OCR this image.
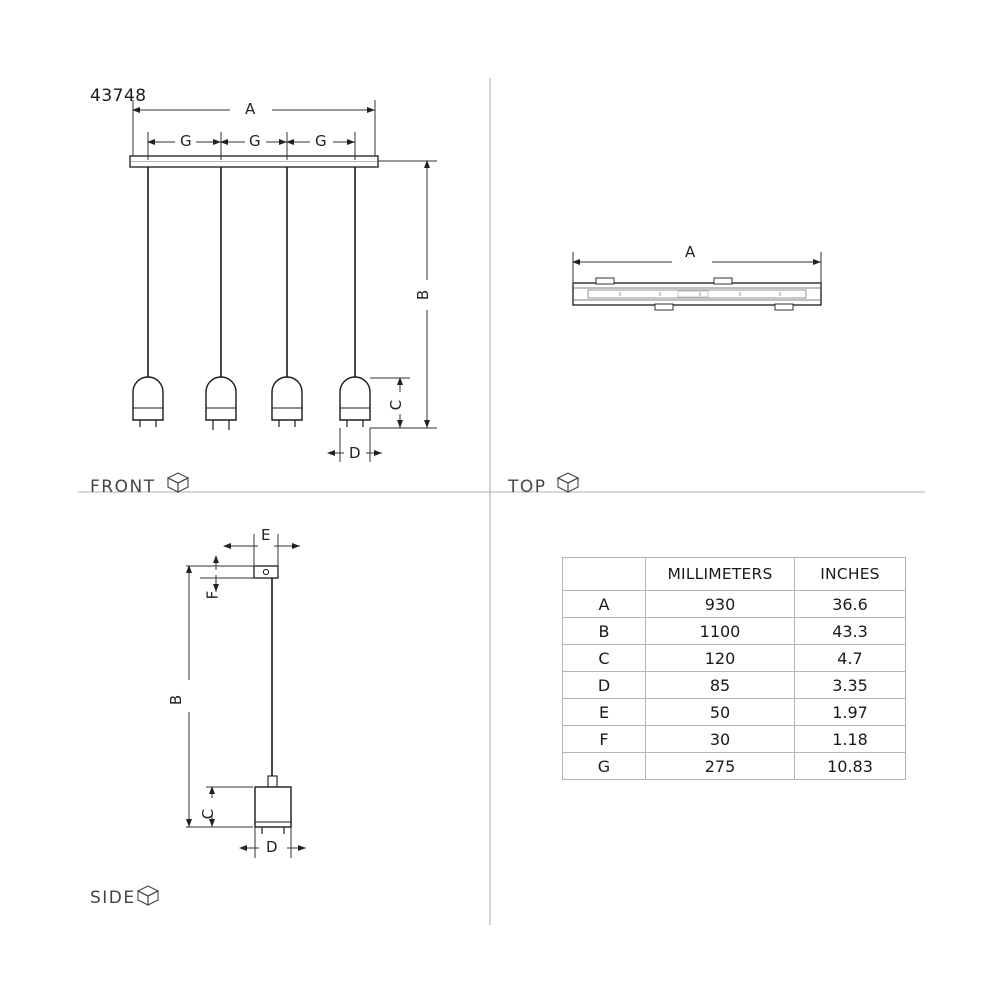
43748
FRONT	TOP
SIDE
A
G	G	G
B
C
D
A
E
F
B
C
D
	MILLIMETERS	INCHES
A	930	36.6
B	1100	43.3
C	120	4.7
D	85	3.35
E	50	1.97
F	30	1.18
G	275	10.83
